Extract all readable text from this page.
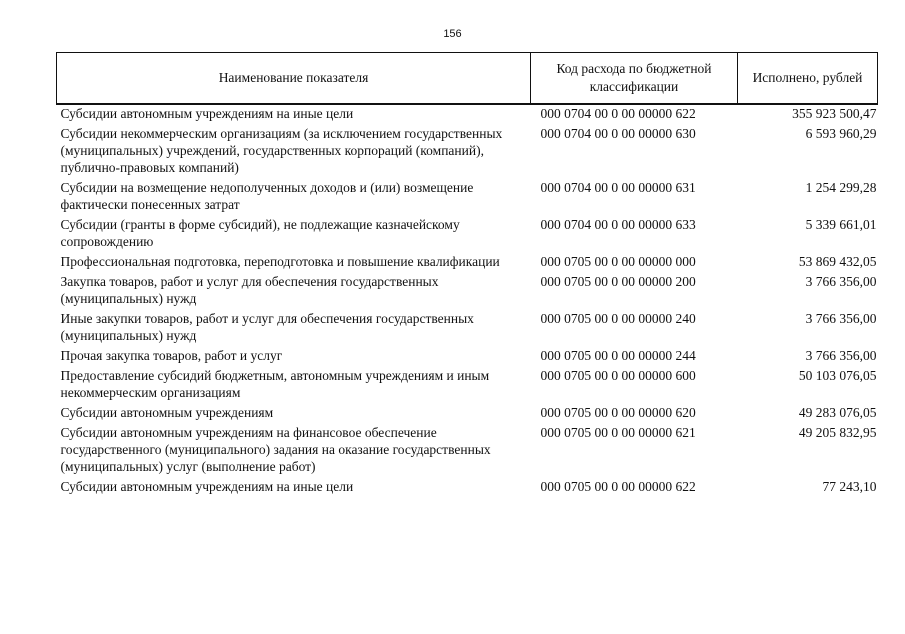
156
Наименование показателя	Код расхода по бюджетной классификации	Исполнено, рублей
Субсидии автономным учреждениям на иные цели	000 0704 00 0 00 00000 622	355 923 500,47
Субсидии некоммерческим организациям (за исключением государственных (муниципальных) учреждений, государственных корпораций (компаний), публично-правовых компаний)	000 0704 00 0 00 00000 630	6 593 960,29
Субсидии на возмещение недополученных доходов и (или) возмещение фактически понесенных затрат	000 0704 00 0 00 00000 631	1 254 299,28
Субсидии (гранты в форме субсидий), не подлежащие казначейскому сопровождению	000 0704 00 0 00 00000 633	5 339 661,01
Профессиональная подготовка, переподготовка и повышение квалификации	000 0705 00 0 00 00000 000	53 869 432,05
Закупка товаров, работ и услуг для обеспечения государственных (муниципальных) нужд	000 0705 00 0 00 00000 200	3 766 356,00
Иные закупки товаров, работ и услуг для обеспечения государственных (муниципальных) нужд	000 0705 00 0 00 00000 240	3 766 356,00
Прочая закупка товаров, работ и услуг	000 0705 00 0 00 00000 244	3 766 356,00
Предоставление субсидий бюджетным, автономным учреждениям и иным некоммерческим организациям	000 0705 00 0 00 00000 600	50 103 076,05
Субсидии автономным учреждениям	000 0705 00 0 00 00000 620	49 283 076,05
Субсидии автономным учреждениям на финансовое обеспечение государственного (муниципального) задания на оказание государственных (муниципальных) услуг (выполнение работ)	000 0705 00 0 00 00000 621	49 205 832,95
Субсидии автономным учреждениям на иные цели	000 0705 00 0 00 00000 622	77 243,10
